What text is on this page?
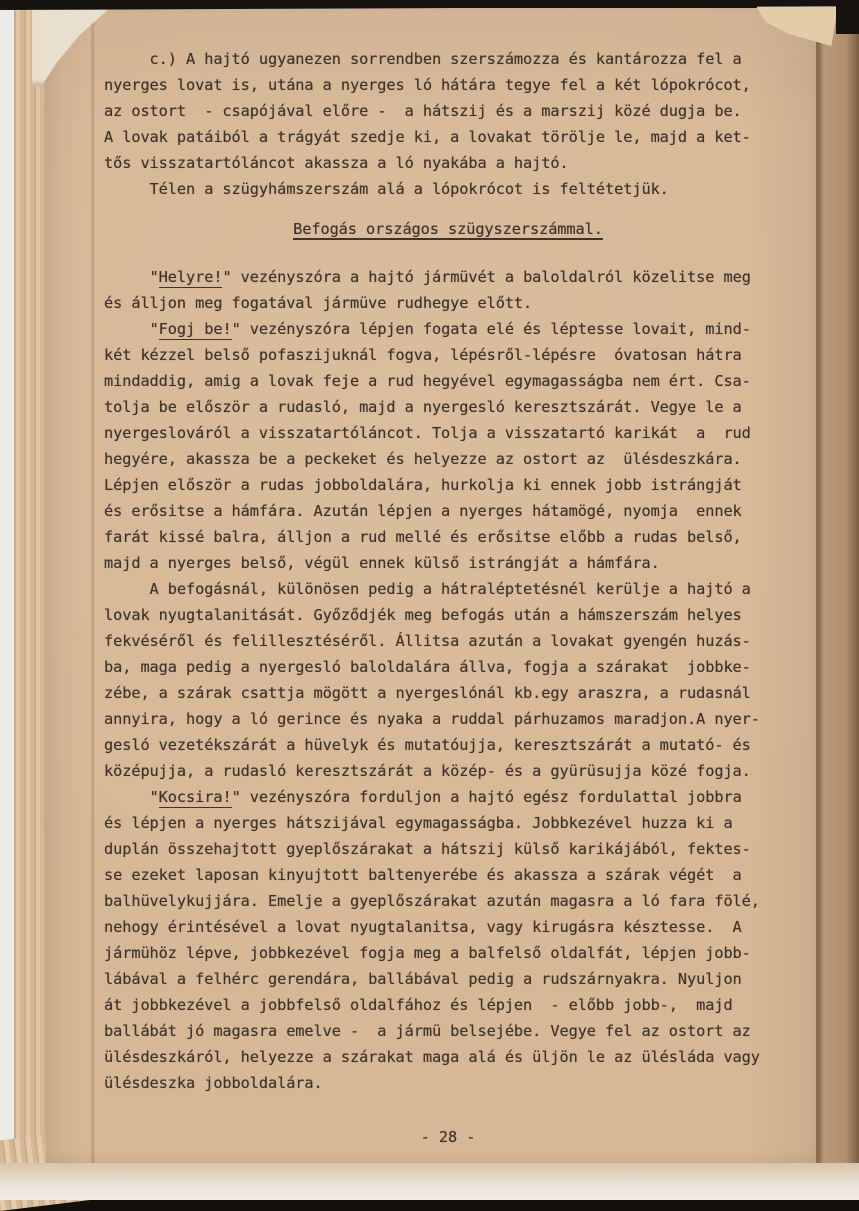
c.) A hajtó ugyanezen sorrendben szerszámozza és kantározza fel a
nyerges lovat is, utána a nyerges ló hátára tegye fel a két lópokrócot,
az ostort  - csapójával előre -  a hátszij és a marszij közé dugja be.
A lovak patáiból a trágyát szedje ki, a lovakat törölje le, majd a ket-
tős visszatartóláncot akassza a ló nyakába a hajtó.
Télen a szügyhámszerszám alá a lópokrócot is feltétetjük.
Befogás országos szügyszerszámmal.
"Helyre!" vezényszóra a hajtó jármüvét a baloldalról közelitse meg
és álljon meg fogatával jármüve rudhegye előtt.
"Fogj be!" vezényszóra lépjen fogata elé és léptesse lovait, mind-
két kézzel belső pofaszijuknál fogva, lépésről-lépésre  óvatosan hátra
mindaddig, amig a lovak feje a rud hegyével egymagasságba nem ért. Csa-
tolja be először a rudasló, majd a nyergesló keresztszárát. Vegye le a
nyergeslováról a visszatartóláncot. Tolja a visszatartó karikát  a  rud
hegyére, akassza be a peckeket és helyezze az ostort az  ülésdeszkára.
Lépjen először a rudas jobboldalára, hurkolja ki ennek jobb istrángját
és erősitse a hámfára. Azután lépjen a nyerges hátamögé, nyomja  ennek
farát kissé balra, álljon a rud mellé és erősitse előbb a rudas belső,
majd a nyerges belső, végül ennek külső istrángját a hámfára.
A befogásnál, különösen pedig a hátraléptetésnél kerülje a hajtó a
lovak nyugtalanitását. Győződjék meg befogás után a hámszerszám helyes
fekvéséről és felillesztéséről. Állitsa azután a lovakat gyengén huzás-
ba, maga pedig a nyergesló baloldalára állva, fogja a szárakat  jobbke-
zébe, a szárak csattja mögött a nyergeslónál kb.egy araszra, a rudasnál
annyira, hogy a ló gerince és nyaka a ruddal párhuzamos maradjon.A nyer-
gesló vezetékszárát a hüvelyk és mutatóujja, keresztszárát a mutató- és
középujja, a rudasló keresztszárát a közép- és a gyürüsujja közé fogja.
"Kocsira!" vezényszóra forduljon a hajtó egész fordulattal jobbra
és lépjen a nyerges hátszijával egymagasságba. Jobbkezével huzza ki a
duplán összehajtott gyeplőszárakat a hátszij külső karikájából, fektes-
se ezeket laposan kinyujtott baltenyerébe és akassza a szárak végét  a
balhüvelykujjára. Emelje a gyeplőszárakat azután magasra a ló fara fölé,
nehogy érintésével a lovat nyugtalanitsa, vagy kirugásra késztesse.  A
jármühöz lépve, jobbkezével fogja meg a balfelső oldalfát, lépjen jobb-
lábával a felhérc gerendára, ballábával pedig a rudszárnyakra. Nyuljon
át jobbkezével a jobbfelső oldalfához és lépjen  - előbb jobb-,  majd
ballábát jó magasra emelve -  a jármü belsejébe. Vegye fel az ostort az
ülésdeszkáról, helyezze a szárakat maga alá és üljön le az ülésláda vagy
ülésdeszka jobboldalára.
- 28 -
